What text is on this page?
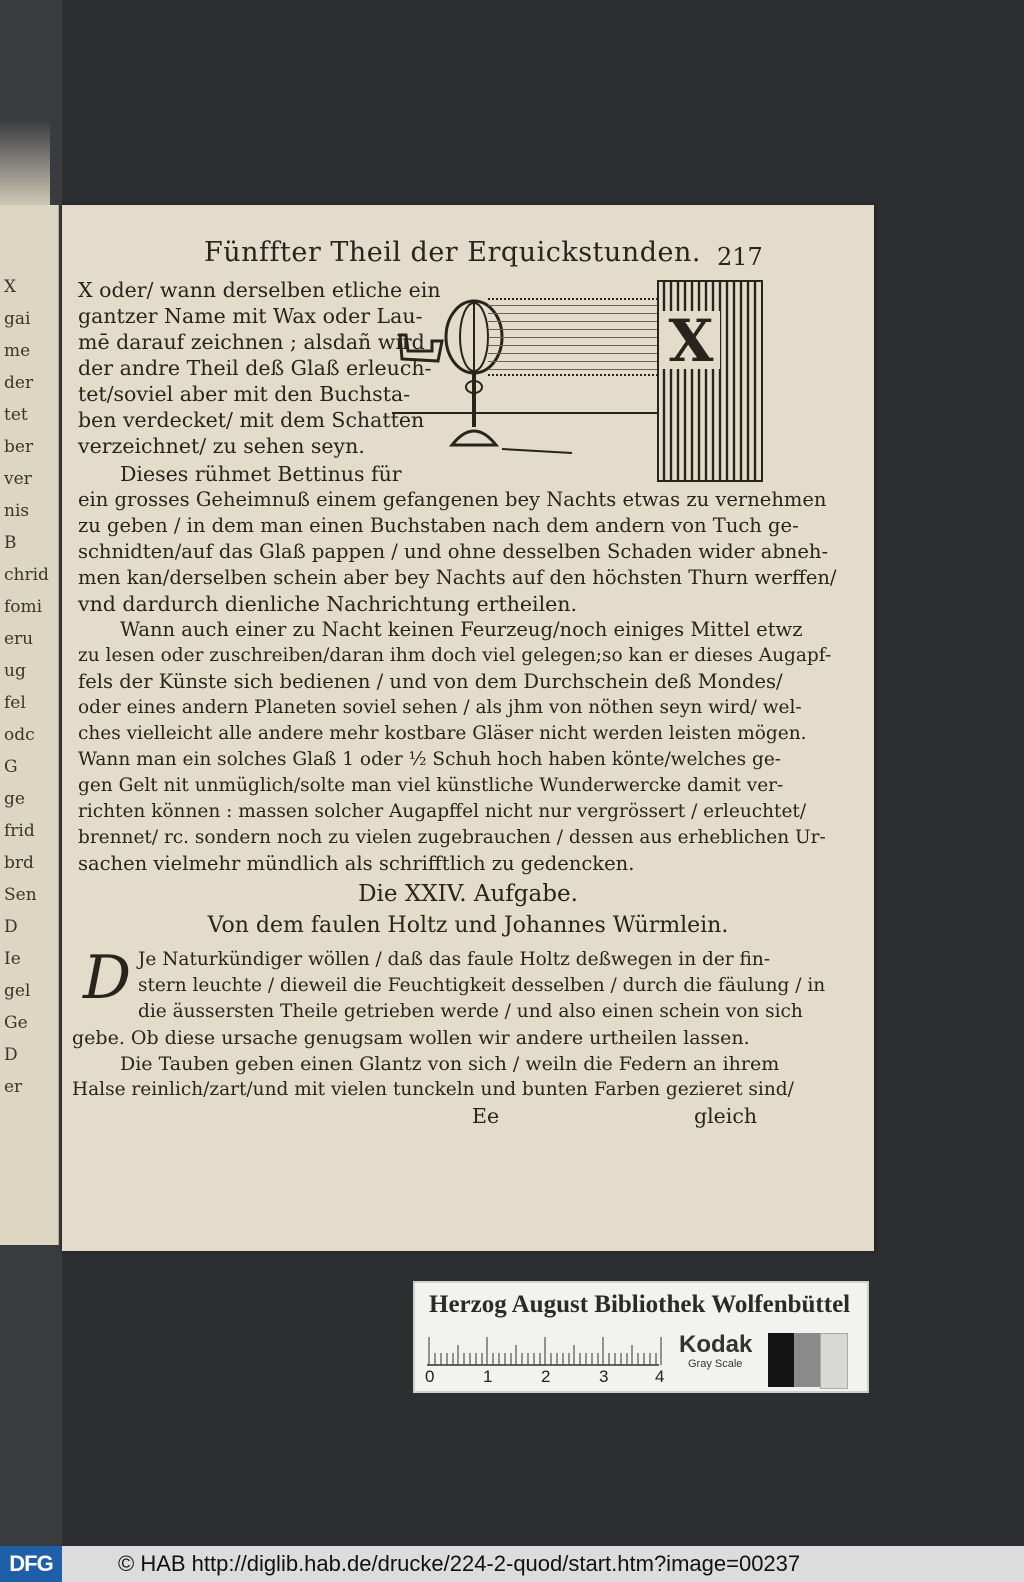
X
gai
me
der
tet
ber
ver
nis
B
chrid
fomi
eru
ug
fel
odc
G
ge
frid
brd
Sen
D
Ie
gel
Ge
D
er
Fünffter Theil der Erquickstunden. 217
X
X oder/ wann derselben etliche ein
gantzer Name mit Wax oder Lau-
mē darauf zeichnen ; alsdañ wird
der andre Theil deß Glaß erleuch-
tet/soviel aber mit den Buchsta-
ben verdecket/ mit dem Schatten
verzeichnet/ zu sehen seyn.
Dieses rühmet Bettinus für
ein grosses Geheimnuß einem gefangenen bey Nachts etwas zu vernehmen
zu geben / in dem man einen Buchstaben nach dem andern von Tuch ge-
schnidten/auf das Glaß pappen / und ohne desselben Schaden wider abneh-
men kan/derselben schein aber bey Nachts auf den höchsten Thurn werffen/
vnd dardurch dienliche Nachrichtung ertheilen.
Wann auch einer zu Nacht keinen Feurzeug/noch einiges Mittel etwz
zu lesen oder zuschreiben/daran ihm doch viel gelegen;so kan er dieses Augapf-
fels der Künste sich bedienen / und von dem Durchschein deß Mondes/
oder eines andern Planeten soviel sehen / als jhm von nöthen seyn wird/ wel-
ches vielleicht alle andere mehr kostbare Gläser nicht werden leisten mögen.
Wann man ein solches Glaß 1 oder ½ Schuh hoch haben könte/welches ge-
gen Gelt nit unmüglich/solte man viel künstliche Wunderwercke damit ver-
richten können : massen solcher Augapffel nicht nur vergrössert / erleuchtet/
brennet/ rc. sondern noch zu vielen zugebrauchen / dessen aus erheblichen Ur-
sachen vielmehr mündlich als schrifftlich zu gedencken.
Die XXIV. Aufgabe.
Von dem faulen Holtz und Johannes Würmlein.
D Je Naturkündiger wöllen / daß das faule Holtz deßwegen in der fin-
stern leuchte / dieweil die Feuchtigkeit desselben / durch die fäulung / in
die äussersten Theile getrieben werde / und also einen schein von sich
gebe. Ob diese ursache genugsam wollen wir andere urtheilen lassen.
Die Tauben geben einen Glantz von sich / weiln die Federn an ihrem
Halse reinlich/zart/und mit vielen tunckeln und bunten Farben gezieret sind/
Ee	gleich
Herzog August Bibliothek Wolfenbüttel
0	1	2	3	4
Kodak
Gray Scale
DFG	© HAB http://diglib.hab.de/drucke/224-2-quod/start.htm?image=00237
